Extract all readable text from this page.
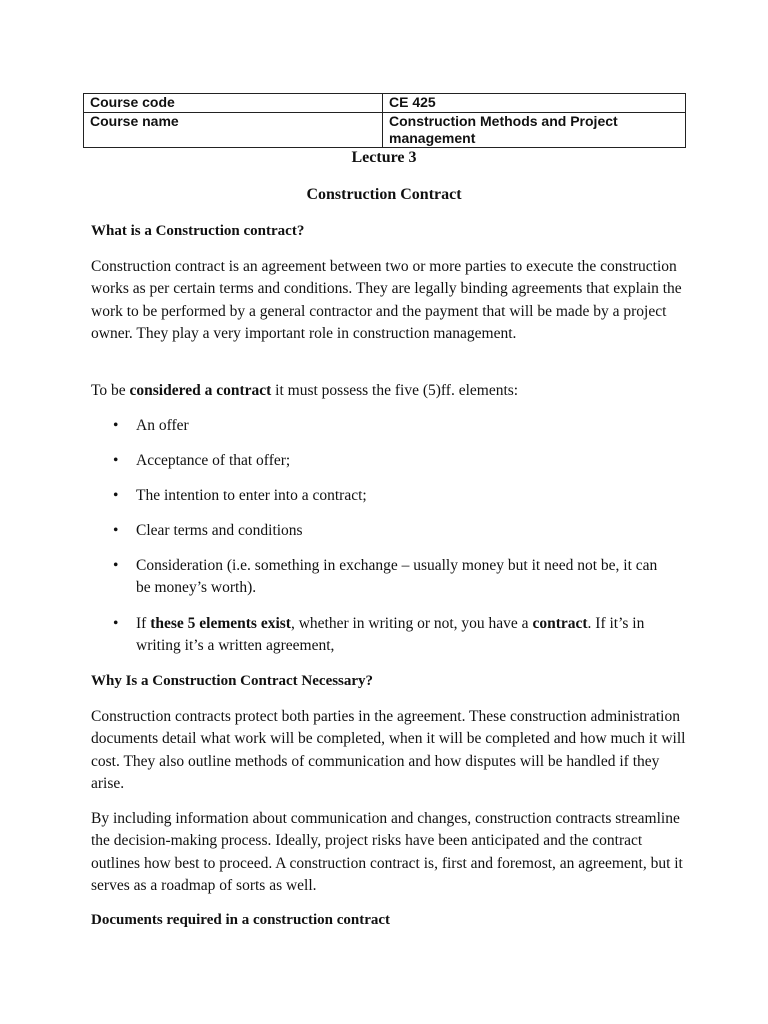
Course code	CE 425
Course name	Construction Methods and Project management
Lecture 3
Construction Contract
What is a Construction contract?
Construction contract is an agreement between two or more parties to execute the construction works as per certain terms and conditions. They are legally binding agreements that explain the work to be performed by a general contractor and the payment that will be made by a project owner. They play a very important role in construction management.
To be considered a contract it must possess the five (5)ff. elements:
• An offer
• Acceptance of that offer;
• The intention to enter into a contract;
• Clear terms and conditions
• Consideration (i.e. something in exchange – usually money but it need not be, it can be money’s worth).
• If these 5 elements exist, whether in writing or not, you have a contract. If it’s in writing it’s a written agreement,
Why Is a Construction Contract Necessary?
Construction contracts protect both parties in the agreement. These construction administration documents detail what work will be completed, when it will be completed and how much it will cost. They also outline methods of communication and how disputes will be handled if they arise.
By including information about communication and changes, construction contracts streamline the decision-making process. Ideally, project risks have been anticipated and the contract outlines how best to proceed. A construction contract is, first and foremost, an agreement, but it serves as a roadmap of sorts as well.
Documents required in a construction contract
